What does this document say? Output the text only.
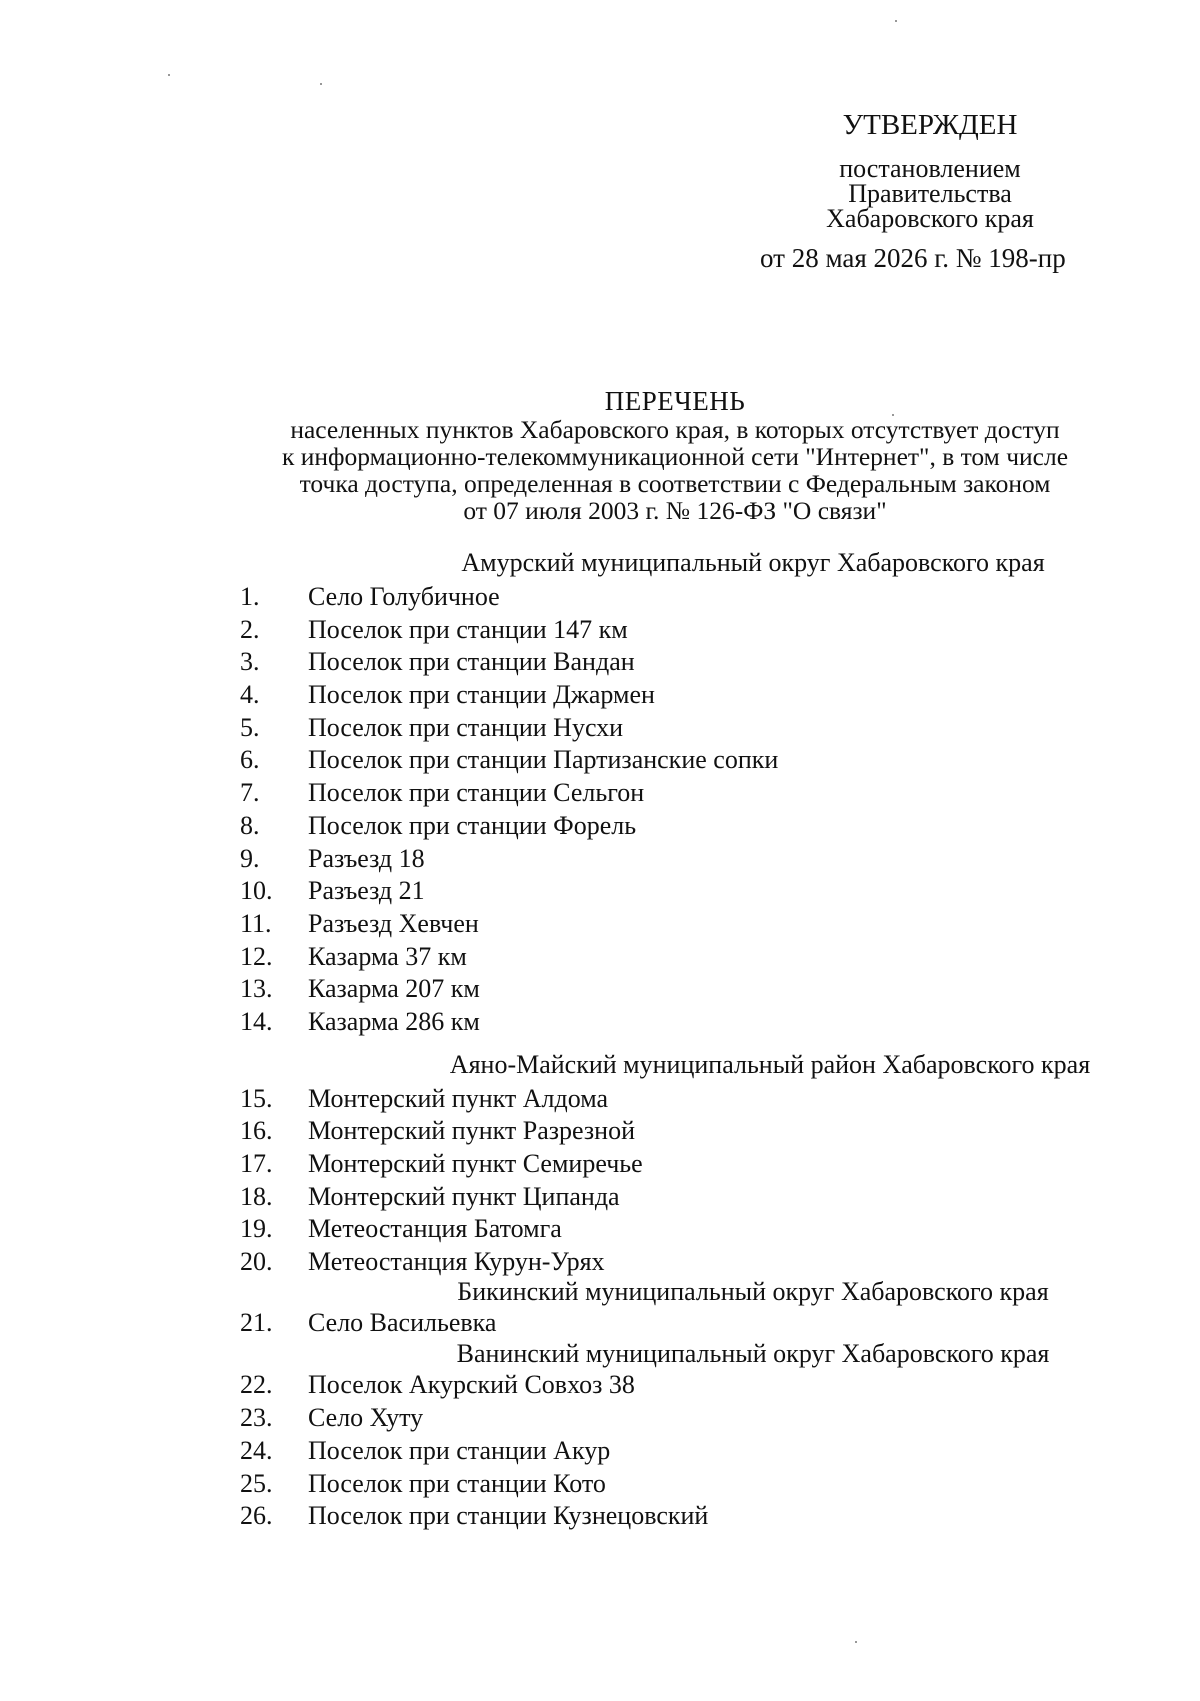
УТВЕРЖДЕН
постановлением
Правительства
Хабаровского края
от 28 мая 2026 г. № 198-пр
ПЕРЕЧЕНЬ
населенных пунктов Хабаровского края, в которых отсутствует доступ
к информационно-телекоммуникационной сети "Интернет", в том числе
точка доступа, определенная в соответствии с Федеральным законом
от 07 июля 2003 г. № 126-ФЗ "О связи"
Амурский муниципальный округ Хабаровского края
1.	Село Голубичное
2.	Поселок при станции 147 км
3.	Поселок при станции Вандан
4.	Поселок при станции Джармен
5.	Поселок при станции Нусхи
6.	Поселок при станции Партизанские сопки
7.	Поселок при станции Сельгон
8.	Поселок при станции Форель
9.	Разъезд 18
10.	Разъезд 21
11.	Разъезд Хевчен
12.	Казарма 37 км
13.	Казарма 207 км
14.	Казарма 286 км
Аяно-Майский муниципальный район Хабаровского края
15.	Монтерский пункт Алдома
16.	Монтерский пункт Разрезной
17.	Монтерский пункт Семиречье
18.	Монтерский пункт Ципанда
19.	Метеостанция Батомга
20.	Метеостанция Курун-Урях
Бикинский муниципальный округ Хабаровского края
21.	Село Васильевка
Ванинский муниципальный округ Хабаровского края
22.	Поселок Акурский Совхоз 38
23.	Село Хуту
24.	Поселок при станции Акур
25.	Поселок при станции Кото
26.	Поселок при станции Кузнецовский
